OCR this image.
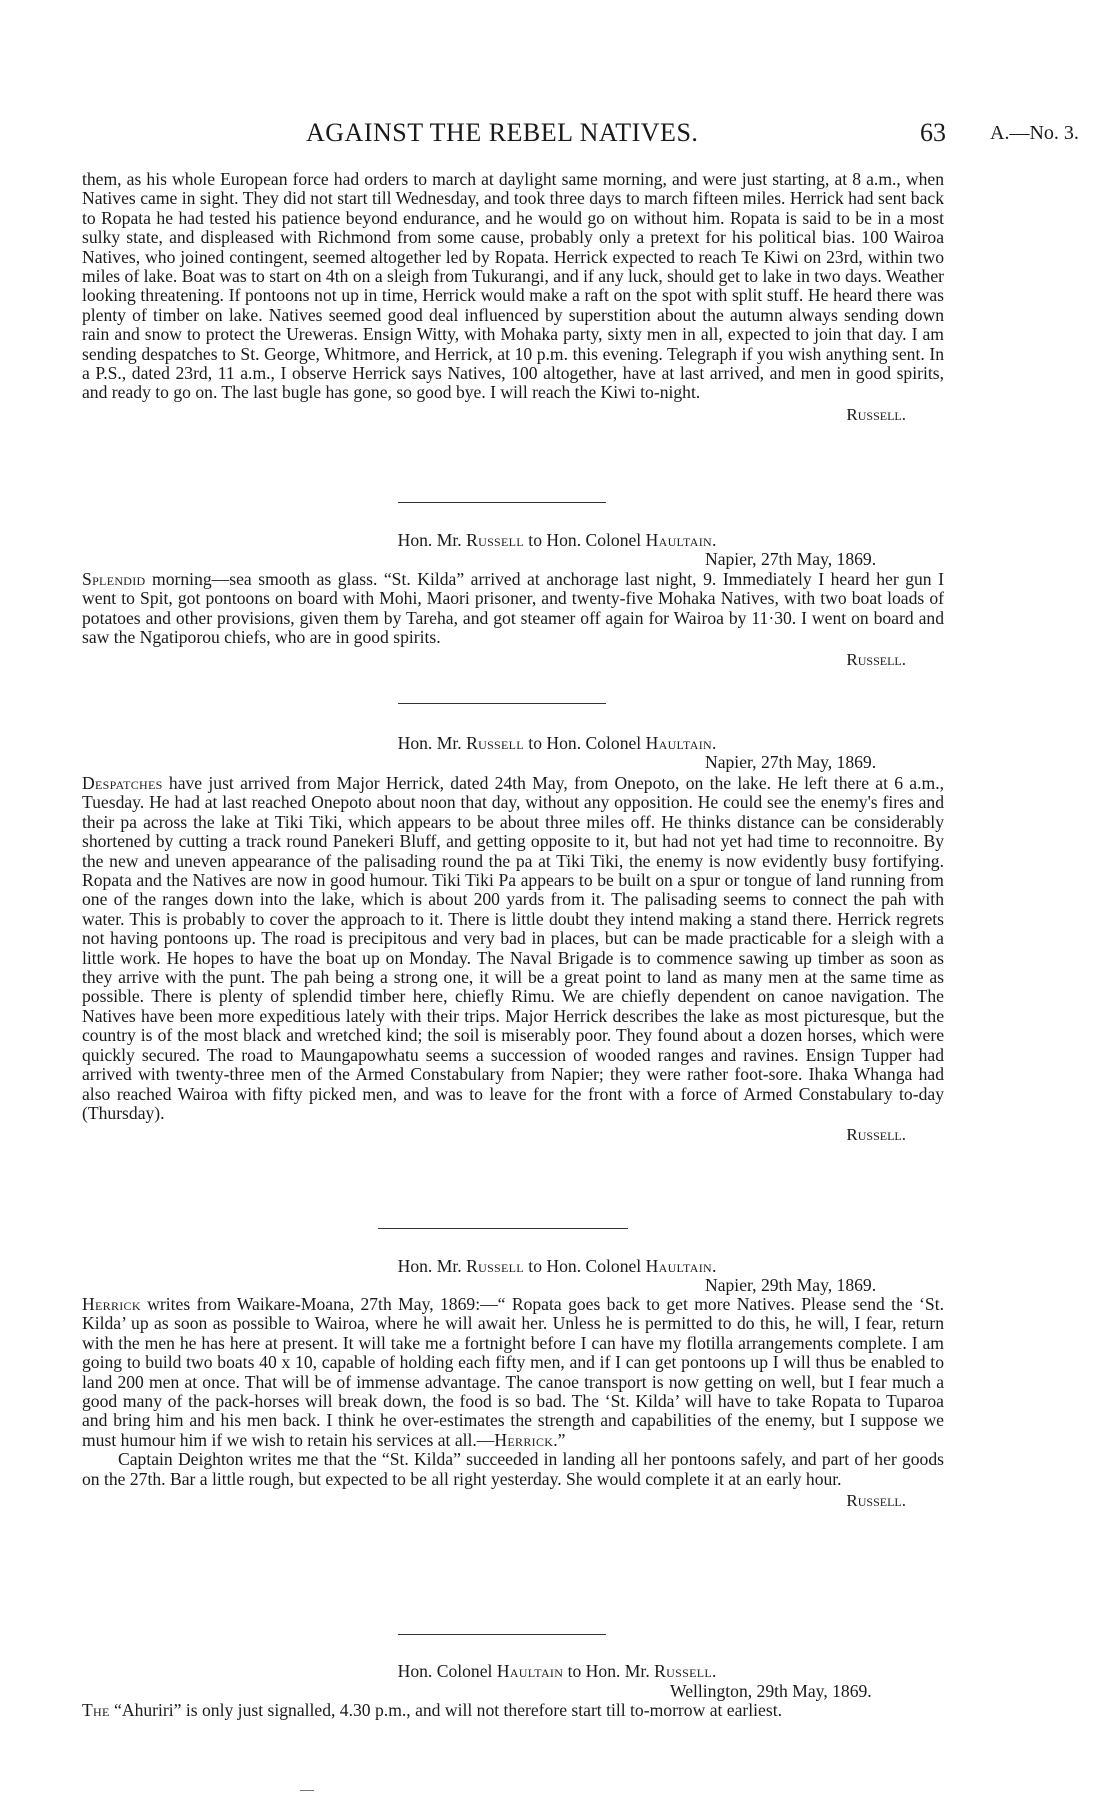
AGAINST THE REBEL NATIVES.	63 A.—No. 3.

them, as his whole European force had orders to march at daylight same morning, and were just starting, at 8 a.m., when Natives came in sight. They did not start till Wednesday, and took three days to march fifteen miles. Herrick had sent back to Ropata he had tested his patience beyond endurance, and he would go on without him. Ropata is said to be in a most sulky state, and displeased with Richmond from some cause, probably only a pretext for his political bias. 100 Wairoa Natives, who joined contingent, seemed altogether led by Ropata. Herrick expected to reach Te Kiwi on 23rd, within two miles of lake. Boat was to start on 4th on a sleigh from Tukurangi, and if any luck, should get to lake in two days. Weather looking threatening. If pontoons not up in time, Herrick would make a raft on the spot with split stuff. He heard there was plenty of timber on lake. Natives seemed good deal influenced by superstition about the autumn always sending down rain and snow to protect the Ureweras. Ensign Witty, with Mohaka party, sixty men in all, expected to join that day. I am sending despatches to St. George, Whitmore, and Herrick, at 10 p.m. this evening. Telegraph if you wish anything sent. In a P.S., dated 23rd, 11 a.m., I observe Herrick says Natives, 100 altogether, have at last arrived, and men in good spirits, and ready to go on. The last bugle has gone, so good bye. I will reach the Kiwi to-night.

Russell.
Hon. Mr. Russell to Hon. Colonel Haultain.
Napier, 27th May, 1869.

Splendid morning—sea smooth as glass. “St. Kilda” arrived at anchorage last night, 9. Immediately I heard her gun I went to Spit, got pontoons on board with Mohi, Maori prisoner, and twenty-five Mohaka Natives, with two boat loads of potatoes and other provisions, given them by Tareha, and got steamer off again for Wairoa by 11·30. I went on board and saw the Ngatiporou chiefs, who are in good spirits.

Russell.
Hon. Mr. Russell to Hon. Colonel Haultain.
Napier, 27th May, 1869.

Despatches have just arrived from Major Herrick, dated 24th May, from Onepoto, on the lake. He left there at 6 a.m., Tuesday. He had at last reached Onepoto about noon that day, without any opposition. He could see the enemy's fires and their pa across the lake at Tiki Tiki, which appears to be about three miles off. He thinks distance can be considerably shortened by cutting a track round Panekeri Bluff, and getting opposite to it, but had not yet had time to reconnoitre. By the new and uneven appearance of the palisading round the pa at Tiki Tiki, the enemy is now evidently busy fortifying. Ropata and the Natives are now in good humour. Tiki Tiki Pa appears to be built on a spur or tongue of land running from one of the ranges down into the lake, which is about 200 yards from it. The palisading seems to connect the pah with water. This is probably to cover the approach to it. There is little doubt they intend making a stand there. Herrick regrets not having pontoons up. The road is precipitous and very bad in places, but can be made practicable for a sleigh with a little work. He hopes to have the boat up on Monday. The Naval Brigade is to commence sawing up timber as soon as they arrive with the punt. The pah being a strong one, it will be a great point to land as many men at the same time as possible. There is plenty of splendid timber here, chiefly Rimu. We are chiefly dependent on canoe navigation. The Natives have been more expeditious lately with their trips. Major Herrick describes the lake as most picturesque, but the country is of the most black and wretched kind; the soil is miserably poor. They found about a dozen horses, which were quickly secured. The road to Maungapowhatu seems a succession of wooded ranges and ravines. Ensign Tupper had arrived with twenty-three men of the Armed Constabulary from Napier; they were rather foot-sore. Ihaka Whanga had also reached Wairoa with fifty picked men, and was to leave for the front with a force of Armed Constabulary to-day (Thursday).

Russell.
Hon. Mr. Russell to Hon. Colonel Haultain.
Napier, 29th May, 1869.

Herrick writes from Waikare-Moana, 27th May, 1869:—“ Ropata goes back to get more Natives. Please send the ‘St. Kilda’ up as soon as possible to Wairoa, where he will await her. Unless he is permitted to do this, he will, I fear, return with the men he has here at present. It will take me a fortnight before I can have my flotilla arrangements complete. I am going to build two boats 40 x 10, capable of holding each fifty men, and if I can get pontoons up I will thus be enabled to land 200 men at once. That will be of immense advantage. The canoe transport is now getting on well, but I fear much a good many of the pack-horses will break down, the food is so bad. The ‘St. Kilda’ will have to take Ropata to Tuparoa and bring him and his men back. I think he over-estimates the strength and capabilities of the enemy, but I suppose we must humour him if we wish to retain his services at all.—Herrick.”

Captain Deighton writes me that the “St. Kilda” succeeded in landing all her pontoons safely, and part of her goods on the 27th. Bar a little rough, but expected to be all right yesterday. She would complete it at an early hour.

Russell.
Hon. Colonel Haultain to Hon. Mr. Russell.
Wellington, 29th May, 1869.

The “Ahuriri” is only just signalled, 4.30 p.m., and will not therefore start till to-morrow at earliest.
